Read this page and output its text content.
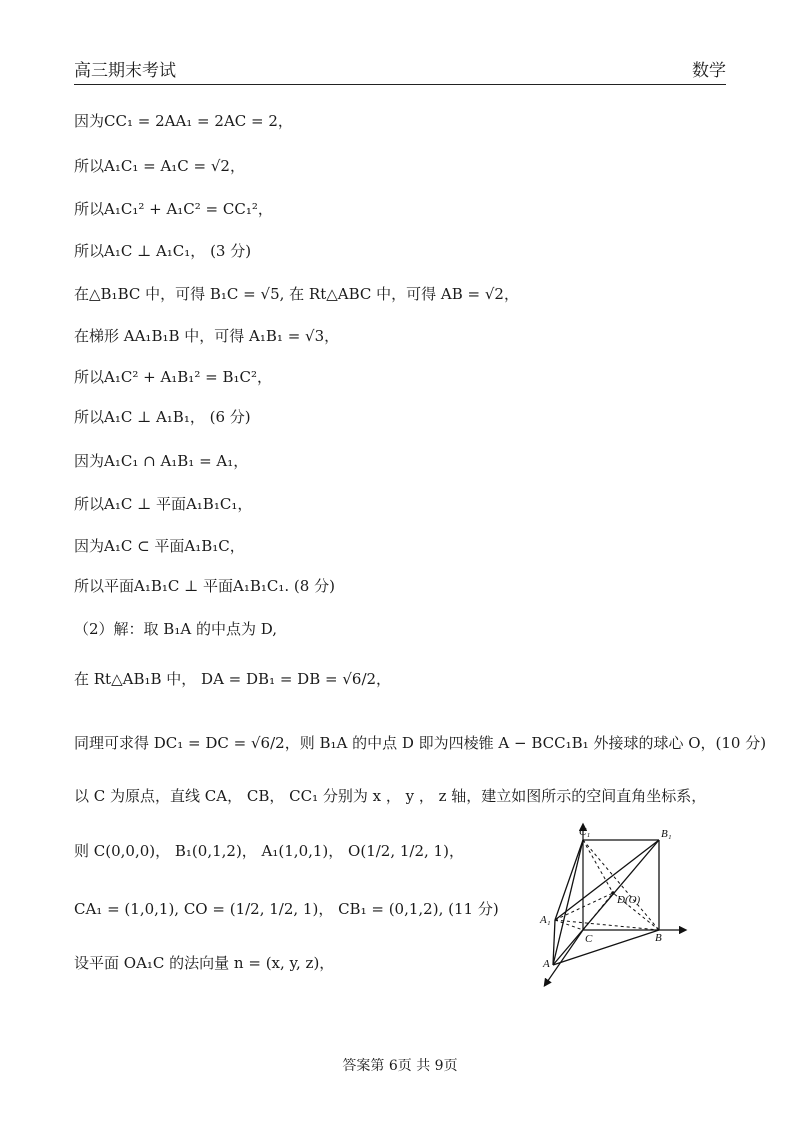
高三期末考试	数学
因为CC₁ = 2AA₁ = 2AC = 2，
所以A₁C₁ = A₁C = √2，
所以A₁C₁² + A₁C² = CC₁²，
所以A₁C ⊥ A₁C₁， (3 分)
在△B₁BC 中，可得 B₁C = √5, 在 Rt△ABC 中，可得 AB = √2，
在梯形 AA₁B₁B 中，可得 A₁B₁ = √3，
所以A₁C² + A₁B₁² = B₁C²，
所以A₁C ⊥ A₁B₁， (6 分)
因为A₁C₁ ∩ A₁B₁ = A₁，
所以A₁C ⊥ 平面A₁B₁C₁，
因为A₁C ⊂ 平面A₁B₁C，
所以平面A₁B₁C ⊥ 平面A₁B₁C₁. (8 分)
（2）解：取 B₁A 的中点为 D,
在 Rt△AB₁B 中， DA = DB₁ = DB = √6/2，
同理可求得 DC₁ = DC = √6/2，则 B₁A 的中点 D 即为四棱锥 A − BCC₁B₁ 外接球的球心 O，(10 分)
以 C 为原点，直线 CA， CB， CC₁ 分别为 x ， y ， z 轴，建立如图所示的空间直角坐标系，
则 C(0,0,0)， B₁(0,1,2)， A₁(1,0,1)， O(1/2, 1/2, 1)，
CA₁ = (1,0,1), CO = (1/2, 1/2, 1)， CB₁ = (0,1,2), (11 分)
设平面 OA₁C 的法向量 n = (x, y, z)，
C₁	B₁
A₁
D(O)
C	B
A
答案第 6页 共 9页
